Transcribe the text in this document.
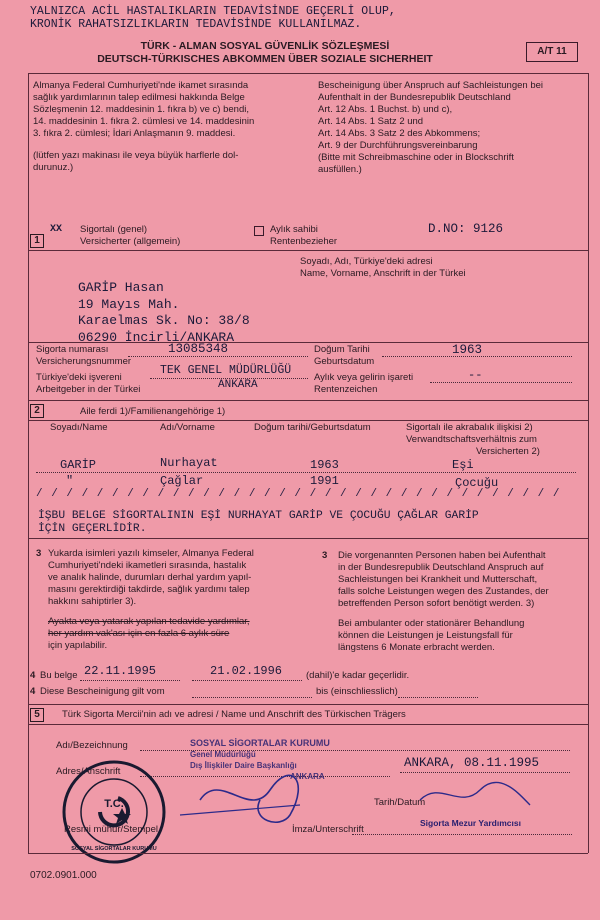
YALNIZCA ACİL HASTALIKLARIN TEDAVİSİNDE GEÇERLİ OLUP,
KRONİK RAHATSIZLIKLARIN TEDAVİSİNDE KULLANILMAZ.
TÜRK - ALMAN SOSYAL GÜVENLİK SÖZLEŞMESİ
DEUTSCH-TÜRKISCHES ABKOMMEN ÜBER SOZIALE SICHERHEIT
A/T 11
Almanya Federal Cumhuriyeti'nde ikamet sırasında
sağlık yardımlarının talep edilmesi hakkında Belge
Sözleşmenin 12. maddesinin 1. fıkra b) ve c) bendi,
14. maddesinin 1. fıkra 2. cümlesi ve 14. maddesinin
3. fıkra 2. cümlesi; İdari Anlaşmanın 9. maddesi.
(lütfen yazı makinası ile veya büyük harflerle dol-
durunuz.)
Bescheinigung über Anspruch auf Sachleistungen bei
Aufenthalt in der Bundesrepublik Deutschland
Art. 12 Abs. 1 Buchst. b) und c),
Art. 14 Abs. 1 Satz 2 und
Art. 14 Abs. 3 Satz 2 des Abkommens;
Art. 9 der Durchführungsvereinbarung
(Bitte mit Schreibmaschine oder in Blockschrift
ausfüllen.)
1
XX Sigortalı (genel)
Versicherter (allgemein)
Aylık sahibi
Rentenbezieher
D.NO: 9126
Soyadı, Adı, Türkiye'deki adresi
Name, Vorname, Anschrift in der Türkei
GARİP Hasan
19 Mayıs Mah.
Karaelmas Sk. No: 38/8
06290 İncirli/ANKARA
Sigorta numarası
Versicherungsnummer
13085348	Doğum Tarihi
Geburtsdatum
1963
Türkiye'deki işvereni
Arbeitgeber in der Türkei
TEK GENEL MÜDÜRLÜĞÜ
ANKARA
Aylık veya gelirin işareti
Rentenzeichen
--
2	Aile ferdi 1)/Familienangehörige 1)
Soyadı/Name	Adı/Vorname	Doğum tarihi/Geburtsdatum	Sigortalı ile akrabalık ilişkisi 2)
Verwandtschaftsverhältnis zum
Versicherten 2)
GARİP	Nurhayat	1963	Eşi
"	Çağlar	1991	Çocuğu
/ / / / / / / / / / / / / / / / / / / / / / / / / / / / / / / / / / /
İŞBU BELGE SİGORTALININ EŞİ NURHAYAT GARİP VE ÇOCUĞU ÇAĞLAR GARİP
İÇİN GEÇERLİDİR.
3 Yukarda isimleri yazılı kimseler, Almanya Federal
Cumhuriyeti'ndeki ikametleri sırasında, hastalık
ve analık halinde, durumları derhal yardım yapıl-
masını gerektirdiği takdirde, sağlık yardımı talep
hakkını sahiptirler 3).
Ayakta veya yatarak yapılan tedavide yardımlar,
her yardım vak'ası için en fazla 6 aylık süre
için yapılabilir.
3 Die vorgenannten Personen haben bei Aufenthalt
in der Bundesrepublik Deutschland Anspruch auf
Sachleistungen bei Krankheit und Mutterschaft,
falls solche Leistungen wegen des Zustandes, der
betreffenden Person sofort benötigt werden. 3)
Bei ambulanter oder stationärer Behandlung
können die Leistungen je Leistungsfall für
längstens 6 Monate erbracht werden.
4 Bu belge 22.11.1995	21.02.1996	(dahil)'e kadar geçerlidir.
4 Diese Bescheinigung gilt vom	bis (einschliesslich)
5	Türk Sigorta Mercii'nin adı ve adresi / Name und Anschrift des Türkischen Trägers
Adı/Bezeichnung
Adres/Anschrift
SOSYAL SİGORTALAR KURUMU
Genel Müdürlüğü
Dış İlişkiler Daire Başkanlığı
ANKARA
ANKARA, 08.11.1995
Tarih/Datum
İmza/Unterschrift
Resmi mühür/Stempel
Sigorta Mezur Yardımcısı
T.C.
SOSYAL SİGORTALAR KURUMU
0702.0901.000
